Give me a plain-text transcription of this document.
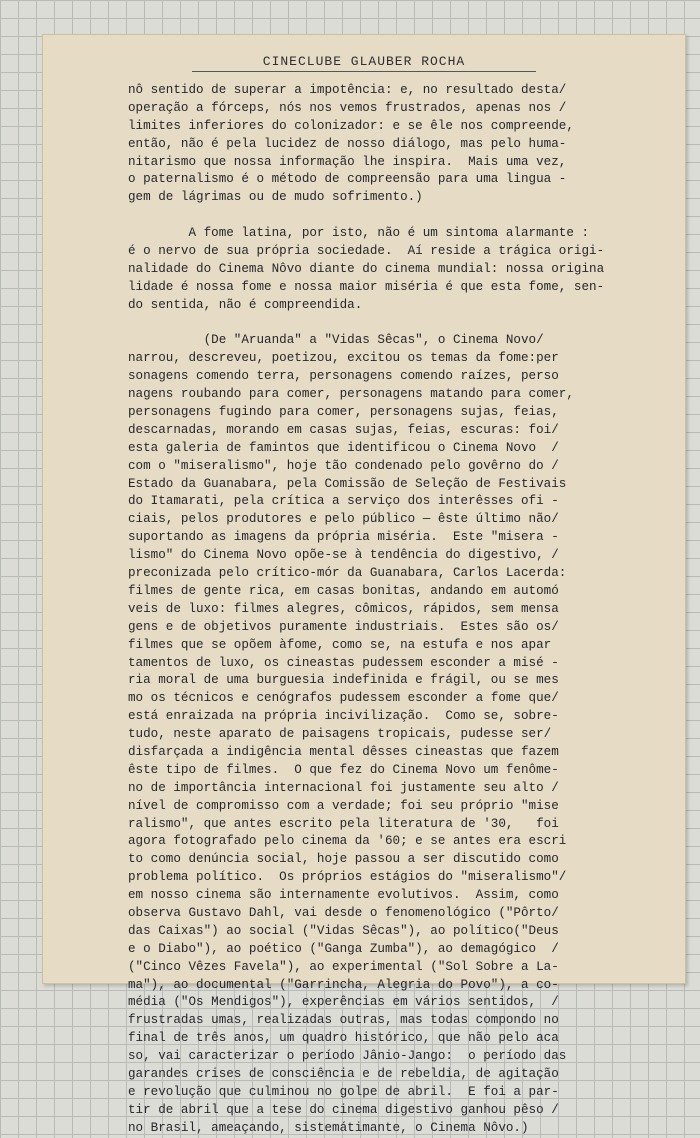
CINECLUBE GLAUBER ROCHA
nô sentido de superar a impotência: e, no resultado desta/
operação a fórceps, nós nos vemos frustrados, apenas nos /
limites inferiores do colonizador: e se êle nos compreende,
então, não é pela lucidez de nosso diálogo, mas pelo huma-
nitarismo que nossa informação lhe inspira.  Mais uma vez,
o paternalismo é o método de compreensão para uma lingua -
gem de lágrimas ou de mudo sofrimento.)
A fome latina, por isto, não é um sintoma alarmante :
é o nervo de sua própria sociedade.  Aí reside a trágica origi-
nalidade do Cinema Nôvo diante do cinema mundial: nossa origina
lidade é nossa fome e nossa maior miséria é que esta fome, sen-
do sentida, não é compreendida.
(De "Aruanda" a "Vidas Sêcas", o Cinema Novo/
narrou, descreveu, poetizou, excitou os temas da fome:per
sonagens comendo terra, personagens comendo raízes, perso
nagens roubando para comer, personagens matando para comer,
personagens fugindo para comer, personagens sujas, feias,
descarnadas, morando em casas sujas, feias, escuras: foi/
esta galeria de famintos que identificou o Cinema Novo  /
com o "miseralismo", hoje tão condenado pelo govêrno do /
Estado da Guanabara, pela Comissão de Seleção de Festivais
do Itamarati, pela crítica a serviço dos interêsses ofi -
ciais, pelos produtores e pelo público — êste último não/
suportando as imagens da própria miséria.  Este "misera -
lismo" do Cinema Novo opõe-se à tendência do digestivo, /
preconizada pelo crítico-mór da Guanabara, Carlos Lacerda:
filmes de gente rica, em casas bonitas, andando em automó
veis de luxo: filmes alegres, cômicos, rápidos, sem mensa
gens e de objetivos puramente industriais.  Estes são os/
filmes que se opõem àfome, como se, na estufa e nos apar
tamentos de luxo, os cineastas pudessem esconder a misé -
ria moral de uma burguesia indefinida e frágil, ou se mes
mo os técnicos e cenógrafos pudessem esconder a fome que/
está enraizada na própria incivilização.  Como se, sobre-
tudo, neste aparato de paisagens tropicais, pudesse ser/
disfarçada a indigência mental dêsses cineastas que fazem
êste tipo de filmes.  O que fez do Cinema Novo um fenôme-
no de importância internacional foi justamente seu alto /
nível de compromisso com a verdade; foi seu próprio "mise
ralismo", que antes escrito pela literatura de '30,   foi
agora fotografado pelo cinema da '60; e se antes era escri
to como denúncia social, hoje passou a ser discutido como
problema político.  Os próprios estágios do "miseralismo"/
em nosso cinema são internamente evolutivos.  Assim, como
observa Gustavo Dahl, vai desde o fenomenológico ("Pôrto/
das Caixas") ao social ("Vidas Sêcas"), ao político("Deus
e o Diabo"), ao poético ("Ganga Zumba"), ao demagógico  /
("Cinco Vêzes Favela"), ao experimental ("Sol Sobre a La-
ma"), ao documental ("Garrincha, Alegria do Povo"), a co-
média ("Os Mendigos"), experências em vários sentidos,  /
frustradas umas, realizadas outras, mas todas compondo no
final de três anos, um quadro histórico, que não pelo aca
so, vai caracterizar o período Jânio-Jango:  o período das
garandes crises de consciência e de rebeldia, de agitação
e revolução que culminou no golpe de abril.  E foi a par-
tir de abril que a tese do cinema digestivo ganhou pêso /
no Brasil, ameaçando, sistemátimante, o Cinema Nôvo.)
